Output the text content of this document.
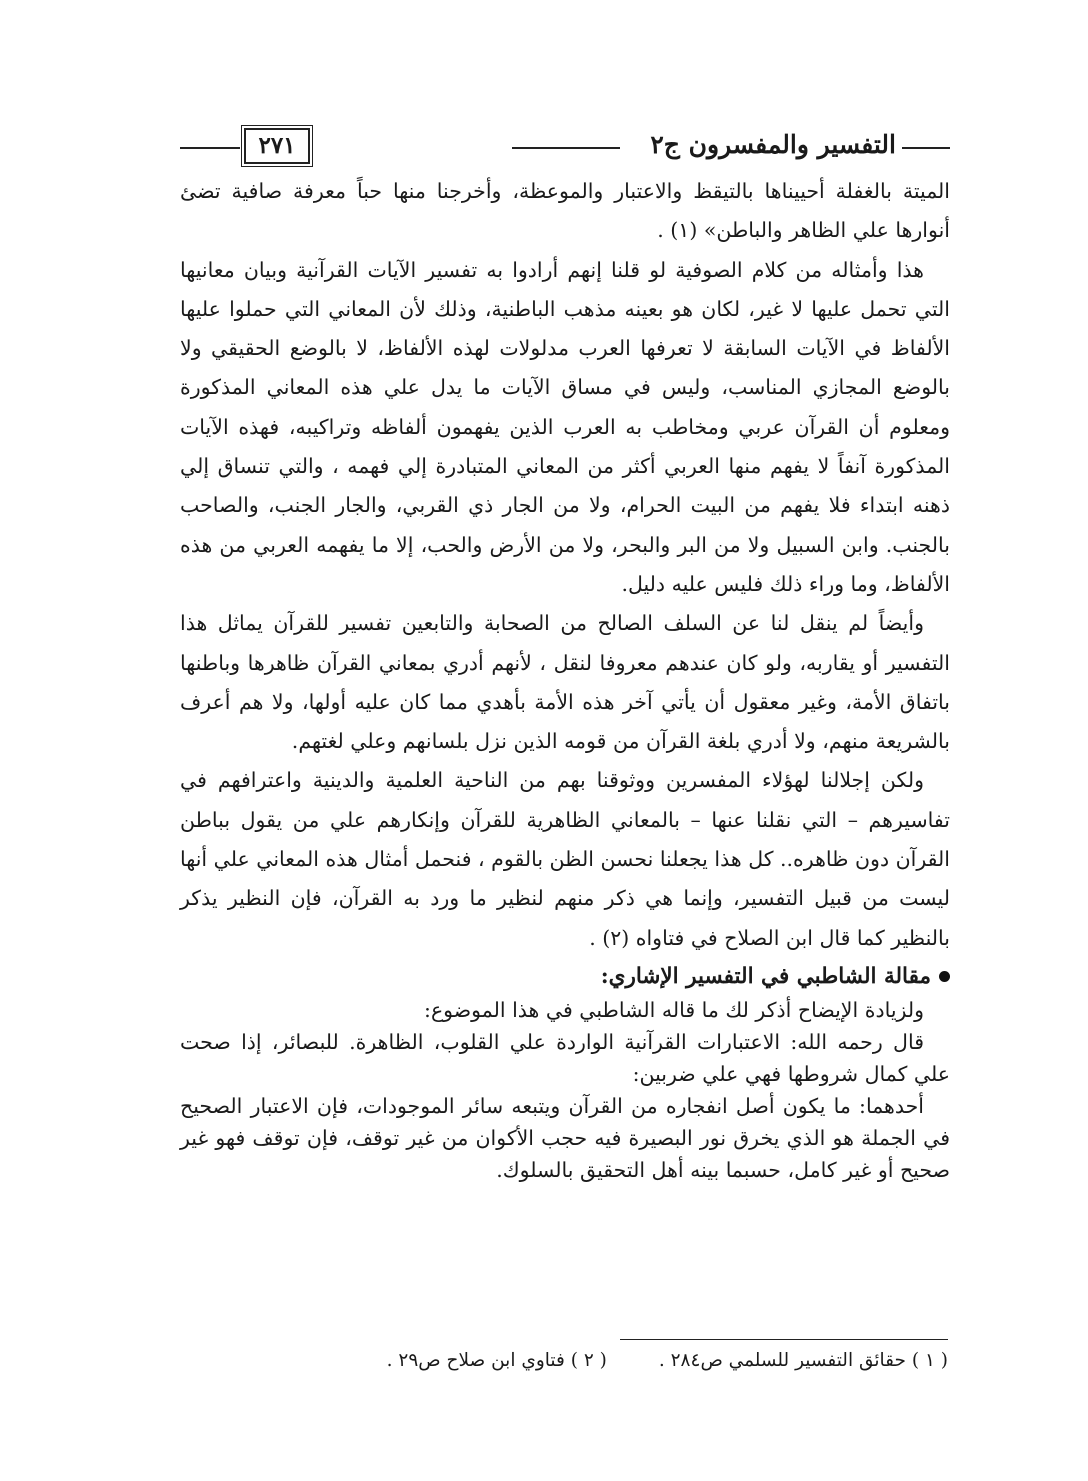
التفسير والمفسرون ج٢
٢٧١

الميتة بالغفلة أحييناها بالتيقظ والاعتبار والموعظة، وأخرجنا منها حباً معرفة صافية تضئ أنوارها علي الظاهر والباطن» (١) .

هذا وأمثاله من كلام الصوفية لو قلنا إنهم أرادوا به تفسير الآيات القرآنية وبيان معانيها التي تحمل عليها لا غير، لكان هو بعينه مذهب الباطنية، وذلك لأن المعاني التي حملوا عليها الألفاظ في الآيات السابقة لا تعرفها العرب مدلولات لهذه الألفاظ، لا بالوضع الحقيقي ولا بالوضع المجازي المناسب، وليس في مساق الآيات ما يدل علي هذه المعاني المذكورة ومعلوم أن القرآن عربي ومخاطب به العرب الذين يفهمون ألفاظه وتراكيبه، فهذه الآيات المذكورة آنفاً لا يفهم منها العربي أكثر من المعاني المتبادرة إلي فهمه ، والتي تنساق إلي ذهنه ابتداء فلا يفهم من البيت الحرام، ولا من الجار ذي القربي، والجار الجنب، والصاحب بالجنب. وابن السبيل ولا من البر والبحر، ولا من الأرض والحب، إلا ما يفهمه العربي من هذه الألفاظ، وما وراء ذلك فليس عليه دليل.

وأيضاً لم ينقل لنا عن السلف الصالح من الصحابة والتابعين تفسير للقرآن يماثل هذا التفسير أو يقاربه، ولو كان عندهم معروفا لنقل ، لأنهم أدري بمعاني القرآن ظاهرها وباطنها باتفاق الأمة، وغير معقول أن يأتي آخر هذه الأمة بأهدي مما كان عليه أولها، ولا هم أعرف بالشريعة منهم، ولا أدري بلغة القرآن من قومه الذين نزل بلسانهم وعلي لغتهم.

ولكن إجلالنا لهؤلاء المفسرين ووثوقنا بهم من الناحية العلمية والدينية واعترافهم في تفاسيرهم – التي نقلنا عنها – بالمعاني الظاهرية للقرآن وإنكارهم علي من يقول بباطن القرآن دون ظاهره.. كل هذا يجعلنا نحسن الظن بالقوم ، فنحمل أمثال هذه المعاني علي أنها ليست من قبيل التفسير، وإنما هي ذكر منهم لنظير ما ورد به القرآن، فإن النظير يذكر بالنظير كما قال ابن الصلاح في فتاواه (٢) .

مقالة الشاطبي في التفسير الإشاري:

ولزيادة الإيضاح أذكر لك ما قاله الشاطبي في هذا الموضوع:

قال رحمه الله: الاعتبارات القرآنية الواردة علي القلوب، الظاهرة. للبصائر، إذا صحت علي كمال شروطها فهي علي ضربين:

أحدهما: ما يكون أصل انفجاره من القرآن ويتبعه سائر الموجودات، فإن الاعتبار الصحيح في الجملة هو الذي يخرق نور البصيرة فيه حجب الأكوان من غير توقف، فإن توقف فهو غير صحيح أو غير كامل، حسبما بينه أهل التحقيق بالسلوك.

( ١ ) حقائق التفسير للسلمي ص٢٨٤ .( ٢ ) فتاوي ابن صلاح ص٢٩ .
